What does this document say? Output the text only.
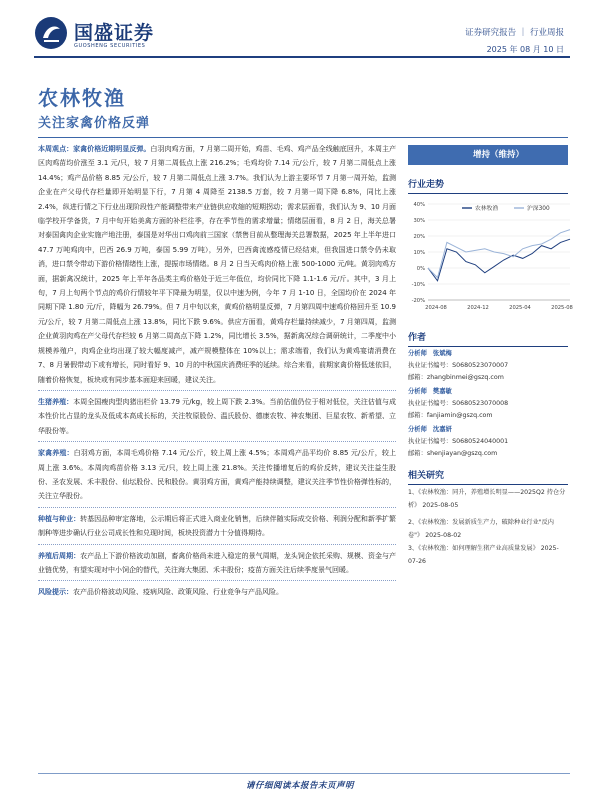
国盛证券
GUOSHENG SECURITIES
证券研究报告 ｜ 行业周报
2025 年 08 月 10 日
农林牧渔
关注家禽价格反弹

本周观点：家禽价格近期明显反弹。白羽肉鸡方面，7 月第二周开始，鸡苗、毛鸡、鸡产品全线触底回升，本周主产区肉鸡苗均价涨至 3.1 元/只，较 7 月第二周低点上涨 216.2%；毛鸡均价 7.14 元/公斤，较 7 月第二周低点上涨 14.4%；鸡产品价格 8.85 元/公斤，较 7 月第二周低点上涨 3.7%。我们认为上游主要环节 7 月第一周开始，监测企业在产父母代存栏量即开始明显下行，7 月第 4 周降至 2138.5 万套，较 7 月第一周下降 6.8%，同比上涨 2.4%，纵进行情之下行业出现阶段性产能调整带来产业链供应收缩的短期拐动；需求层面看，我们认为 9、10 月面临学校开学备货，7 月中旬开始美禽方面的补栏往季，存在季节性的需求增量；情绪层面看，8 月 2 日，海关总署对泰国禽肉企业实施产地注册，泰国是对华出口鸡肉前三国家（禁售目前从整理海关总署数据，2025 年上半年进口 47.7 万吨鸡肉中，巴西 26.9 万吨，泰国 5.99 万吨），另外，巴西禽流感疫情已经结束，但我国进口禁令仍未取消，进口禁令带动下游价格情绪性上涨，提振市场情绪。8 月 2 日当天鸡肉价格上涨 500-1000 元/吨。黄羽肉鸡方面，据新禽况统计，2025 年上半年各品类主鸡价格处于近三年低位，均价同比下降 1.1-1.6 元/斤。其中，3 月上旬，7 月上旬两个节点的鸡价行情较年平下降最为明显，仅以中速为例，今年 7 月 1-10 日，全国均价在 2024 年同期下降 1.80 元/斤，降幅为 26.79%。但 7 月中旬以来，黄鸡价格明显反弹，7 月第四周中速鸡价格回升至 10.9 元/公斤，较 7 月第二周低点上涨 13.8%，同比下跌 9.6%。供应方面看，黄鸡存栏量持续减少，7 月第四周，监测企业黄羽肉鸡在产父母代存栏较 6 月第二周高点下降 1.2%，同比增长 3.5%，据新禽况综合调研统计，二季度中小规模养殖户，肉鸡企业均出现了较大幅度减产，减产规模整体在 10%以上；需求端看，我们认为黄鸡宴请消费在 7、8 月暑假带动下或有增长，同时看好 9、10 月的中秋国庆消费旺季的延续。综合来看，前期家禽价格低迷依旧，随着价格恢复，板块或有同步基本面迎来回暖，建议关注。

生猪养殖：本周全国瘦肉型肉猪出栏价 13.79 元/kg，较上周下跌 2.3%。当前估值仍位于相对低位，关注估值与成本性价比占显的龙头及低成本高成长标的，关注牧原股份、温氏股份、德康农牧、神农集团、巨星农牧、新希望、立华股份等。

家禽养殖：白羽鸡方面，本周毛鸡价格 7.14 元/公斤，较上周上涨 4.5%；本周鸡产品平均价 8.85 元/公斤，较上周上涨 3.6%。本周肉鸡苗价格 3.13 元/只，较上周上涨 21.8%。关注传播增复后的鸡价反转，建议关注益生股份、圣农发展、禾丰股份、仙坛股份、民和股份。黄羽鸡方面，黄鸡产能持续调整，建议关注季节性价格弹性标的，关注立华股份。

种植与种业：转基因品种审定落地，公示期后将正式进入商业化销售，后续伴随实际成交价格、利润分配和新季扩繁制种等进步确认行业公司成长性和兑现时间，板块投资潜力十分值得期待。

养殖后周期：农产品上下游价格波动加剧，畜禽价格尚未进入稳定的景气周期，龙头饲企依托采购、规模、资金与产业链优势，有望实现对中小饲企的替代，关注海大集团、禾丰股份；疫苗方面关注后续季度景气回暖。

风险提示：农产品价格波动风险、疫病风险、政策风险、行业竞争与产品风险。

增持（维持）
行业走势
40%
30%
20%
10%
0%
-10%
-20%
2024-08	2024-12	2025-04	2025-08
农林牧渔	沪深300
作者
分析师 张斌梅
执业证书编号：S0680523070007
邮箱：zhangbinmei@gszq.com
分析师 樊嘉敏
执业证书编号：S0680523070008
邮箱：fanjiamin@gszq.com
分析师 沈嘉妍
执业证书编号：S0680524040001
邮箱：shenjiayan@gszq.com
相关研究
1、《农林牧渔：同升，养殖增长明显——2025Q2 持仓分析》 2025-08-05
2、《农林牧渔：发展新质生产力，破除种业行业"反内卷"》 2025-08-02
3、《农林牧渔：如何理解生猪产业高质量发展》 2025-07-26
请仔细阅读本报告末页声明
